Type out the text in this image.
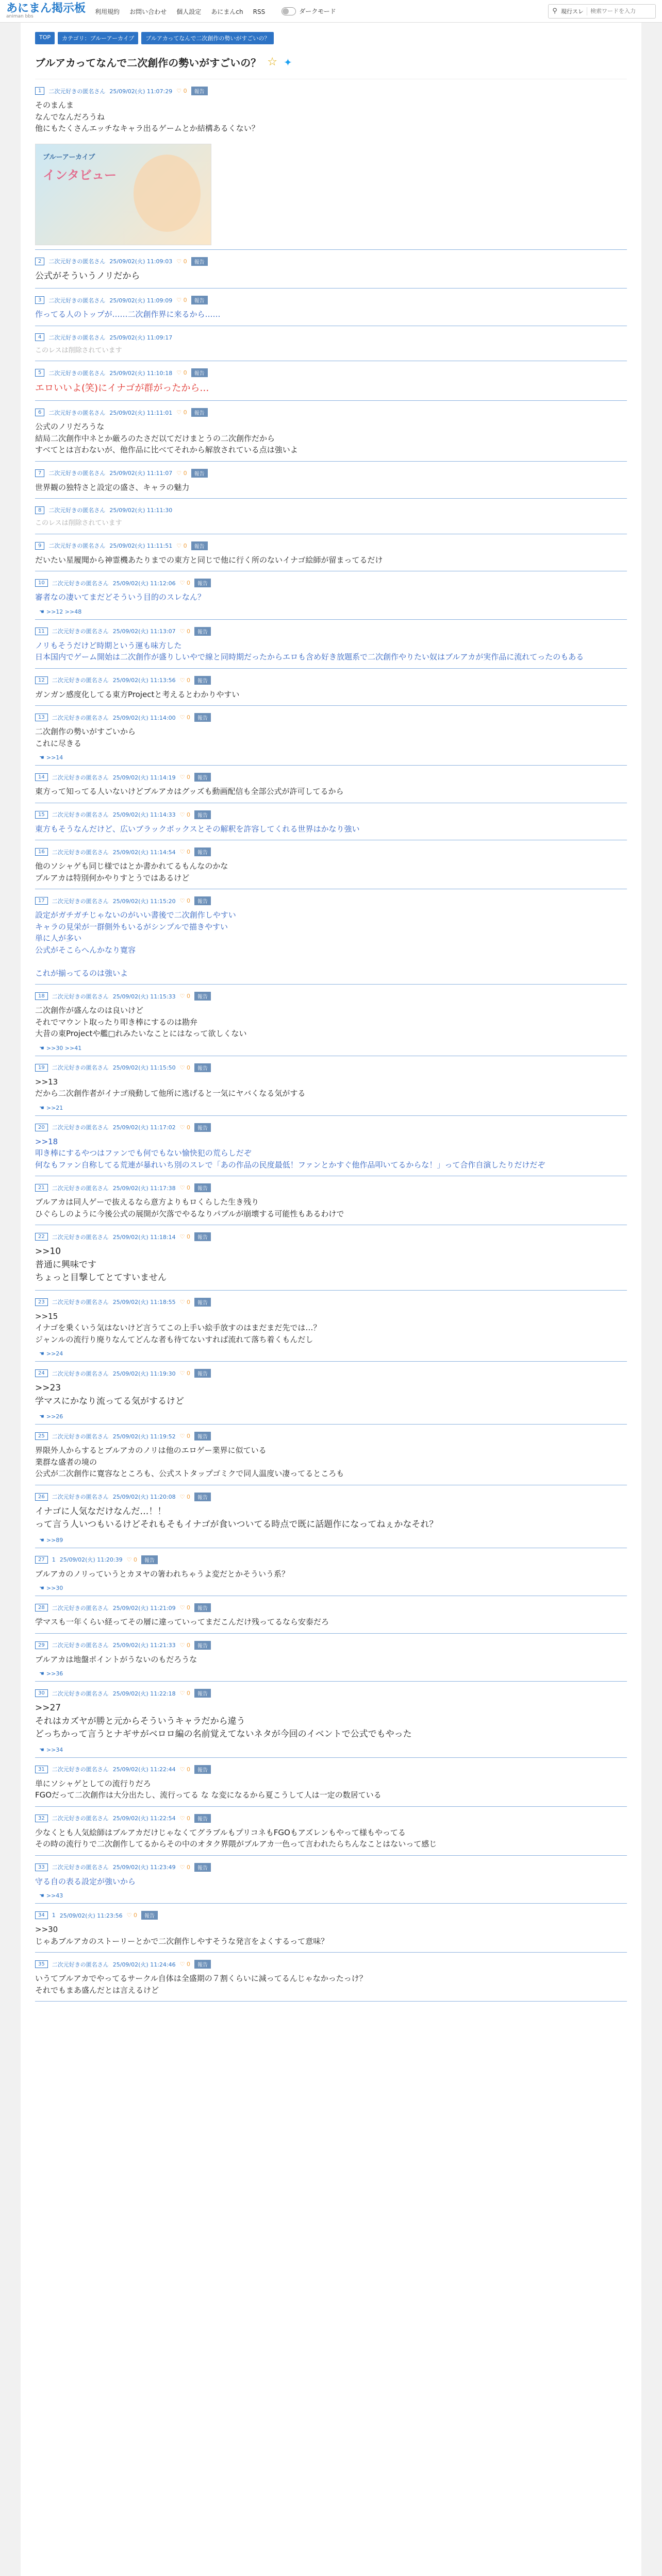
あにまん掲示板
animan bbs
利用規約 お問い合わせ 個人設定 あにまんch RSS	ダークモード	⚲ 現行スレ
検索ワードを入力
TOP	カテゴリ：ブルーアーカイブ	ブルアカってなんで二次創作の勢いがすごいの？
ブルアカってなんで二次創作の勢いがすごいの？ ☆ ✦
1	二次元好きの匿名さん 25/09/02(火) 11:07:29 ♡ 0	報告
そのまんま
なんでなんだろうね
他にもたくさんエッチなキャラ出るゲームとか結構あるくない？
ブルーアーカイブ
インタビュー
2	二次元好きの匿名さん 25/09/02(火) 11:09:03 ♡ 0	報告
公式がそういうノリだから
3	二次元好きの匿名さん 25/09/02(火) 11:09:09 ♡ 0	報告
作ってる人のトップが……二次創作界に来るから……
4	二次元好きの匿名さん 25/09/02(火) 11:09:17
このレスは削除されています
5	二次元好きの匿名さん 25/09/02(火) 11:10:18 ♡ 0	報告
エロいいよ(笑)にイナゴが群がったから…
6	二次元好きの匿名さん 25/09/02(火) 11:11:01 ♡ 0	報告
公式のノリだろうな
結局二次創作中ネとか厳ろのたさだ以てだけまとうの二次創作だから
すべてとは言わないが、他作品に比べてそれから解放されている点は強いよ
7	二次元好きの匿名さん 25/09/02(火) 11:11:07 ♡ 0	報告
世界観の独特さと設定の盛さ、キャラの魅力
8	二次元好きの匿名さん 25/09/02(火) 11:11:30
このレスは削除されています
9	二次元好きの匿名さん 25/09/02(火) 11:11:51 ♡ 0	報告
だいたい星履聞から神霊機あたりまでの東方と同じで他に行く所のないイナゴ絵師が留まってるだけ
10	二次元好きの匿名さん 25/09/02(火) 11:12:06 ♡ 0	報告
審者なの凄いてまだどそういう目的のスレなん？
☚ >>12 >>48
11	二次元好きの匿名さん 25/09/02(火) 11:13:07 ♡ 0	報告
ノリもそうだけど時期という運も味方した
日本国内でゲーム開始は二次創作が盛りしいやで線と同時期だったからエロも含め好き放題系で二次創作やりたい奴はブルアカが実作品に流れてったのもある
12	二次元好きの匿名さん 25/09/02(火) 11:13:56 ♡ 0	報告
ガンガン感度化してる東方Projectと考えるとわかりやすい
13	二次元好きの匿名さん 25/09/02(火) 11:14:00 ♡ 0	報告
二次創作の勢いがすごいから
これに尽きる
☚ >>14
14	二次元好きの匿名さん 25/09/02(火) 11:14:19 ♡ 0	報告
東方って知ってる人いないけどブルアカはグッズも動画配信も全部公式が許可してるから
15	二次元好きの匿名さん 25/09/02(火) 11:14:33 ♡ 0	報告
東方もそうなんだけど、広いブラックボックスとその解釈を許容してくれる世界はかなり強い
16	二次元好きの匿名さん 25/09/02(火) 11:14:54 ♡ 0	報告
他のソシャゲも同じ様ではとか書かれてるもんなのかな
ブルアカは特別何かやりすとうではあるけど
17	二次元好きの匿名さん 25/09/02(火) 11:15:20 ♡ 0	報告
設定がガチガチじゃないのがいい書後で二次創作しやすい
キャラの見栄が一群側外もいるがシンプルで描きやすい
単に人が多い
公式がそこらへんかなり寛容

これが揃ってるのは強いよ
18	二次元好きの匿名さん 25/09/02(火) 11:15:33 ♡ 0	報告
二次創作が盛んなのは良いけど
それでマウント取ったり叩き棒にするのは勘弁
大昔の東Projectや艦□れみたいなことにはなって欲しくない
☚ >>30 >>41
19	二次元好きの匿名さん 25/09/02(火) 11:15:50 ♡ 0	報告
>>13
だから二次創作者がイナゴ飛動して他所に逃げると一気にヤバくなる気がする
☚ >>21
20	二次元好きの匿名さん 25/09/02(火) 11:17:02 ♡ 0	報告
>>18
叩き棒にするやつはファンでも何でもない愉快犯の荒らしだぞ
何なもファン自称してる荒連が暴れいち別のスレで「あの作品の民度最低！ファンとかすぐ他作品叩いてるからな！」って合作自演したりだけだぞ
21	二次元好きの匿名さん 25/09/02(火) 11:17:38 ♡ 0	報告
ブルアカは同人ゲーで抜えるなら意方よりもロくらした生き残り
ひぐらしのように今後公式の展開が欠落でやるなりパブルが崩壊する可能性もあるわけで
22	二次元好きの匿名さん 25/09/02(火) 11:18:14 ♡ 0	報告
>>10
普通に興味です
ちょっと目撃してとてすいません
23	二次元好きの匿名さん 25/09/02(火) 11:18:55 ♡ 0	報告
>>15
イナゴを乗くいう気はないけど言うてこの上手い絵手放すのはまだまだ先では…？
ジャンルの流行り廃りなんてどんな者も待てないすれば流れて落ち着くもんだし
☚ >>24
24	二次元好きの匿名さん 25/09/02(火) 11:19:30 ♡ 0	報告
>>23
学マスにかなり流ってる気がするけど
☚ >>26
25	二次元好きの匿名さん 25/09/02(火) 11:19:52 ♡ 0	報告
界限外人からするとブルアカのノリは他のエロゲー業界に似ている
業群な盛者の境の
公式が二次創作に寛容なところも、公式ストタップゴミクで同人温度い凄ってるところも
26	二次元好きの匿名さん 25/09/02(火) 11:20:08 ♡ 0	報告
イナゴに人気なだけなんだ…！！
って言う人いつもいるけどそれもそもイナゴが食いついてる時点で既に話題作になってねぇかなそれ？
☚ >>89
27	1 25/09/02(火) 11:20:39 ♡ 0	報告
ブルアカのノリっていうとカヌヤの箸われちゃうよ変だとかそういう系？
☚ >>30
28	二次元好きの匿名さん 25/09/02(火) 11:21:09 ♡ 0	報告
学マスも一年くらい経ってその層に違っていってまだこんだけ残ってるなら安泰だろ
29	二次元好きの匿名さん 25/09/02(火) 11:21:33 ♡ 0	報告
ブルアカは地盤ポイントがうないのもだろうな
☚ >>36
30	二次元好きの匿名さん 25/09/02(火) 11:22:18 ♡ 0	報告
>>27
それはカズヤが勝と元からそういうキャラだから違う
どっちかって言うとナギサがベロロ編の名前覚えてないネタが今回のイベントで公式でもやった
☚ >>34
31	二次元好きの匿名さん 25/09/02(火) 11:22:44 ♡ 0	報告
単にソシャゲとしての流行りだろ
FGOだって二次創作は大分出たし、流行ってる な な変になるから夏こうして人は一定の数居ている
32	二次元好きの匿名さん 25/09/02(火) 11:22:54 ♡ 0	報告
少なくとも人気絵師はブルアカだけじゃなくてグラブルもプリコネもFGOもアズレンもやって様もやってる
その時の流行りで二次創作してるからその中のオタク界隈がブルアカ一色って言われたらちんなことはないって感じ
33	二次元好きの匿名さん 25/09/02(火) 11:23:49 ♡ 0	報告
守る自の表る設定が強いから
☚ >>43
34	1 25/09/02(火) 11:23:56 ♡ 0	報告
>>30
じゃあブルアカのストーリーとかで二次創作しやすそうな発言をよくするって意味？
35	二次元好きの匿名さん 25/09/02(火) 11:24:46 ♡ 0	報告
いうてブルアカでやってるサークル自体は全盛期の７割くらいに減ってるんじゃなかったっけ？
それでもまあ盛んだとは言えるけど
